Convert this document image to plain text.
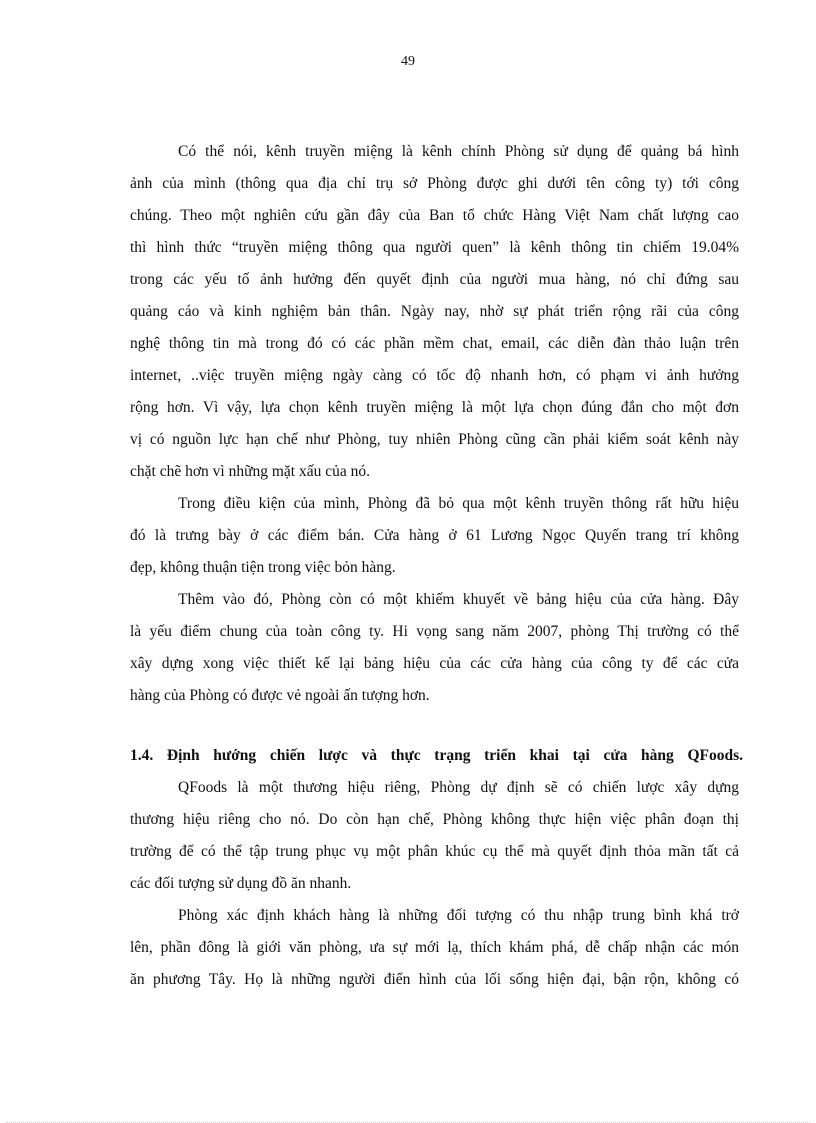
49
Có thể nói, kênh truyền miệng là kênh chính Phòng sử dụng để quảng bá hình
ảnh của mình (thông qua địa chỉ trụ sở Phòng được ghi dưới tên công ty) tới công
chúng. Theo một nghiên cứu gần đây của Ban tổ chức Hàng Việt Nam chất lượng cao
thì hình thức “truyền miệng thông qua người quen” là kênh thông tin chiếm 19.04%
trong các yếu tố ảnh hưởng đến quyết định của người mua hàng, nó chỉ đứng sau
quảng cáo và kinh nghiệm bản thân. Ngày nay, nhờ sự phát triển rộng rãi của công
nghệ thông tin mà trong đó có các phần mềm chat, email, các diễn đàn thảo luận trên
internet, ..việc truyền miệng ngày càng có tốc độ nhanh hơn, có phạm vi ảnh hưởng
rộng hơn. Vì vậy, lựa chọn kênh truyền miệng là một lựa chọn đúng đắn cho một đơn
vị có nguồn lực hạn chế như Phòng, tuy nhiên Phòng cũng cần phải kiểm soát kênh này
chặt chẽ hơn vì những mặt xấu của nó.
Trong điều kiện của mình, Phòng đã bỏ qua một kênh truyền thông rất hữu hiệu
đó là trưng bày ở các điểm bán. Cửa hàng ở 61 Lương Ngọc Quyến trang trí không
đẹp, không thuận tiện trong việc bỏn hàng.
Thêm vào đó, Phòng còn có một khiếm khuyết về bảng hiệu của cửa hàng. Đây
là yếu điểm chung của toàn công ty. Hi vọng sang năm 2007, phòng Thị trường có thể
xây dựng xong việc thiết kế lại bảng hiệu của các cửa hàng của công ty để các cửa
hàng của Phòng có được vẻ ngoài ấn tượng hơn.
1.4. Định hướng chiến lược và thực trạng triển khai tại cửa hàng QFoods.
QFoods là một thương hiệu riêng, Phòng dự định sẽ có chiến lược xây dựng
thương hiệu riêng cho nó. Do còn hạn chế, Phòng không thực hiện việc phân đoạn thị
trường để có thể tập trung phục vụ một phân khúc cụ thể mà quyết định thỏa mãn tất cả
các đối tượng sử dụng đồ ăn nhanh.
Phòng xác định khách hàng là những đối tượng có thu nhập trung bình khá trở
lên, phần đông là giới văn phòng, ưa sự mới lạ, thích khám phá, dễ chấp nhận các món
ăn phương Tây. Họ là những người điển hình của lối sống hiện đại, bận rộn, không có
